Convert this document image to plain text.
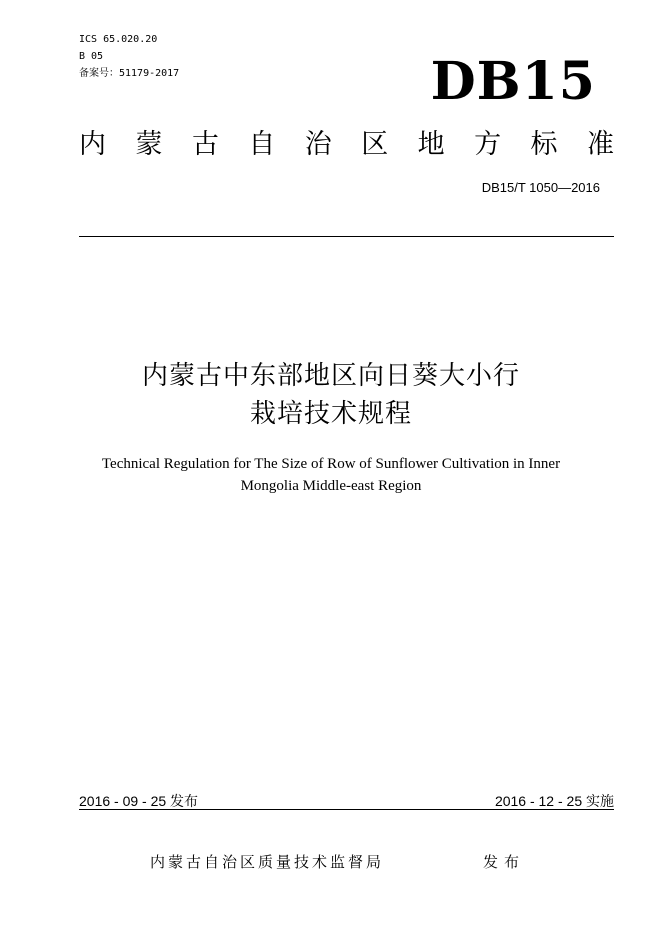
ICS 65.020.20
B 05
备案号：51179-2017	DB15
内 蒙 古 自 治 区 地 方 标 准
DB15/T 1050—2016
内蒙古中东部地区向日葵大小行
栽培技术规程
Technical Regulation for The Size of Row of Sunflower Cultivation in Inner
Mongolia Middle-east Region
2016 - 09 - 25 发布	2016 - 12 - 25 实施
内蒙古自治区质量技术监督局	发布
